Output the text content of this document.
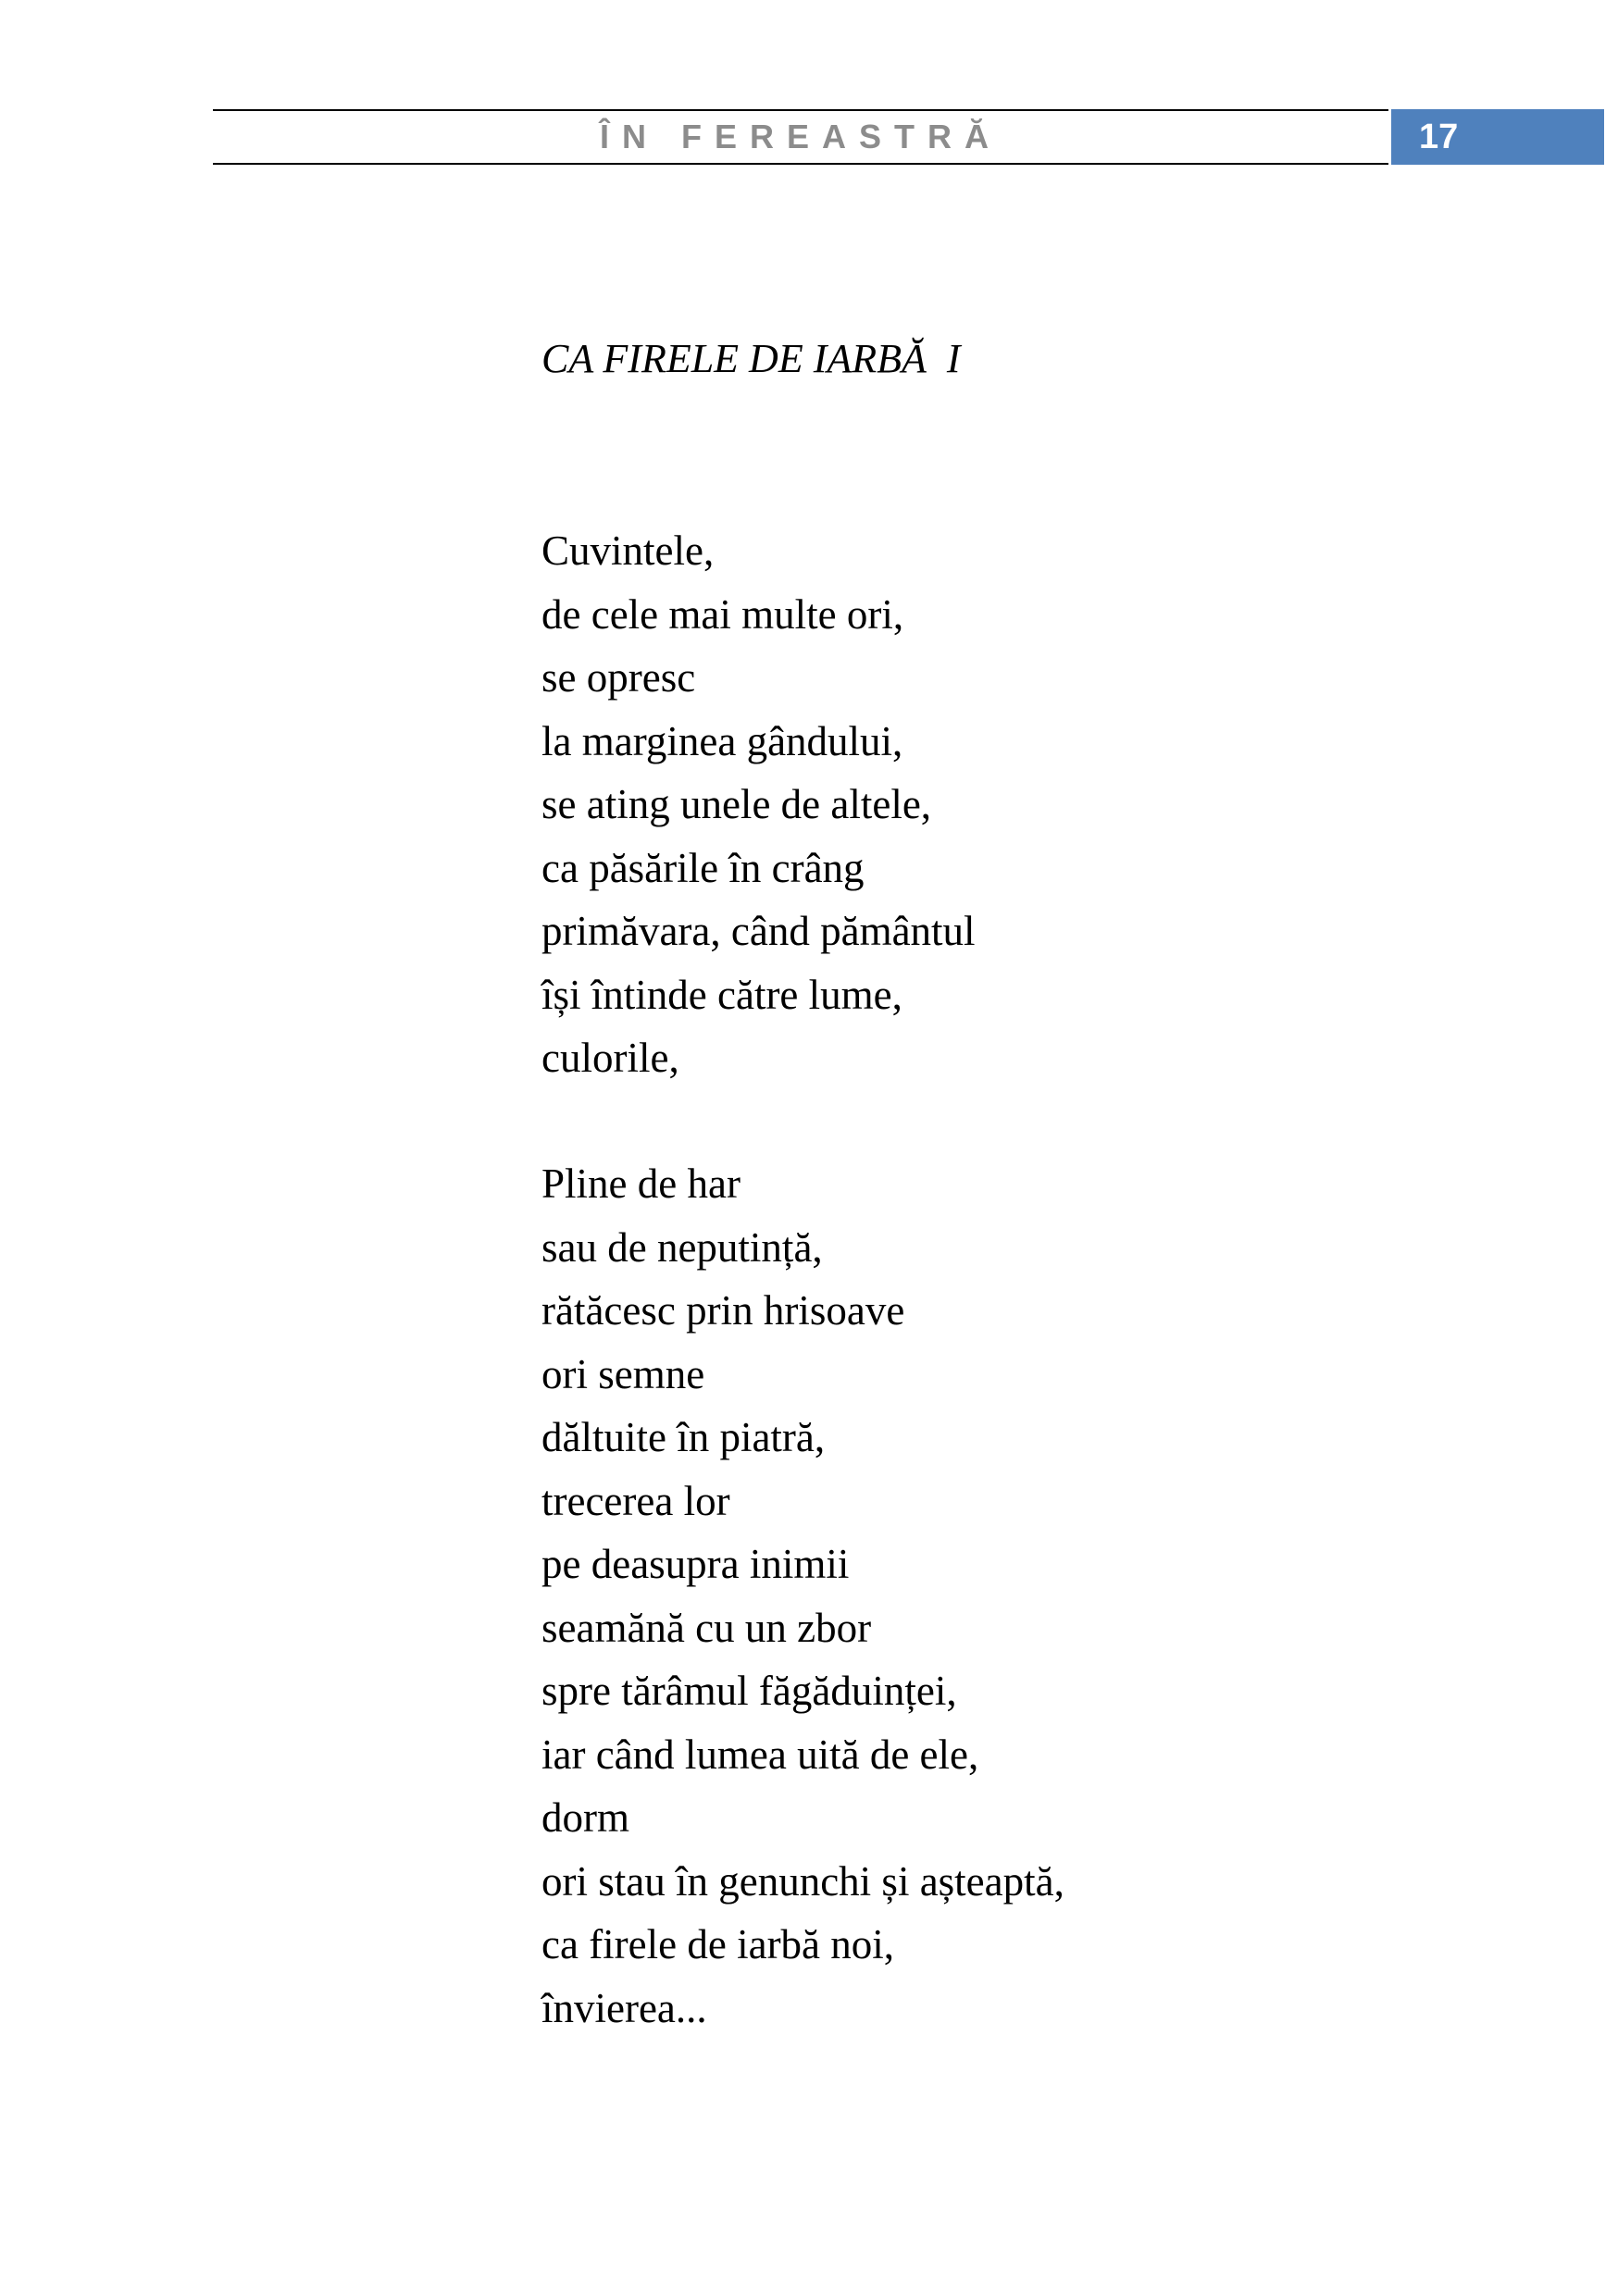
ÎN FEREASTRĂ	17
CA FIRELE DE IARBĂ  I
Cuvintele,
de cele mai multe ori,
se opresc
la marginea gândului,
se ating unele de altele,
ca păsările în crâng
primăvara, când pământul
își întinde către lume,
culorile,
Pline de har
sau de neputință,
rătăcesc prin hrisoave
ori semne
dăltuite în piatră,
trecerea lor
pe deasupra inimii
seamănă cu un zbor
spre tărâmul făgăduinței,
iar când lumea uită de ele,
dorm
ori stau în genunchi și așteaptă,
ca firele de iarbă noi,
învierea...
